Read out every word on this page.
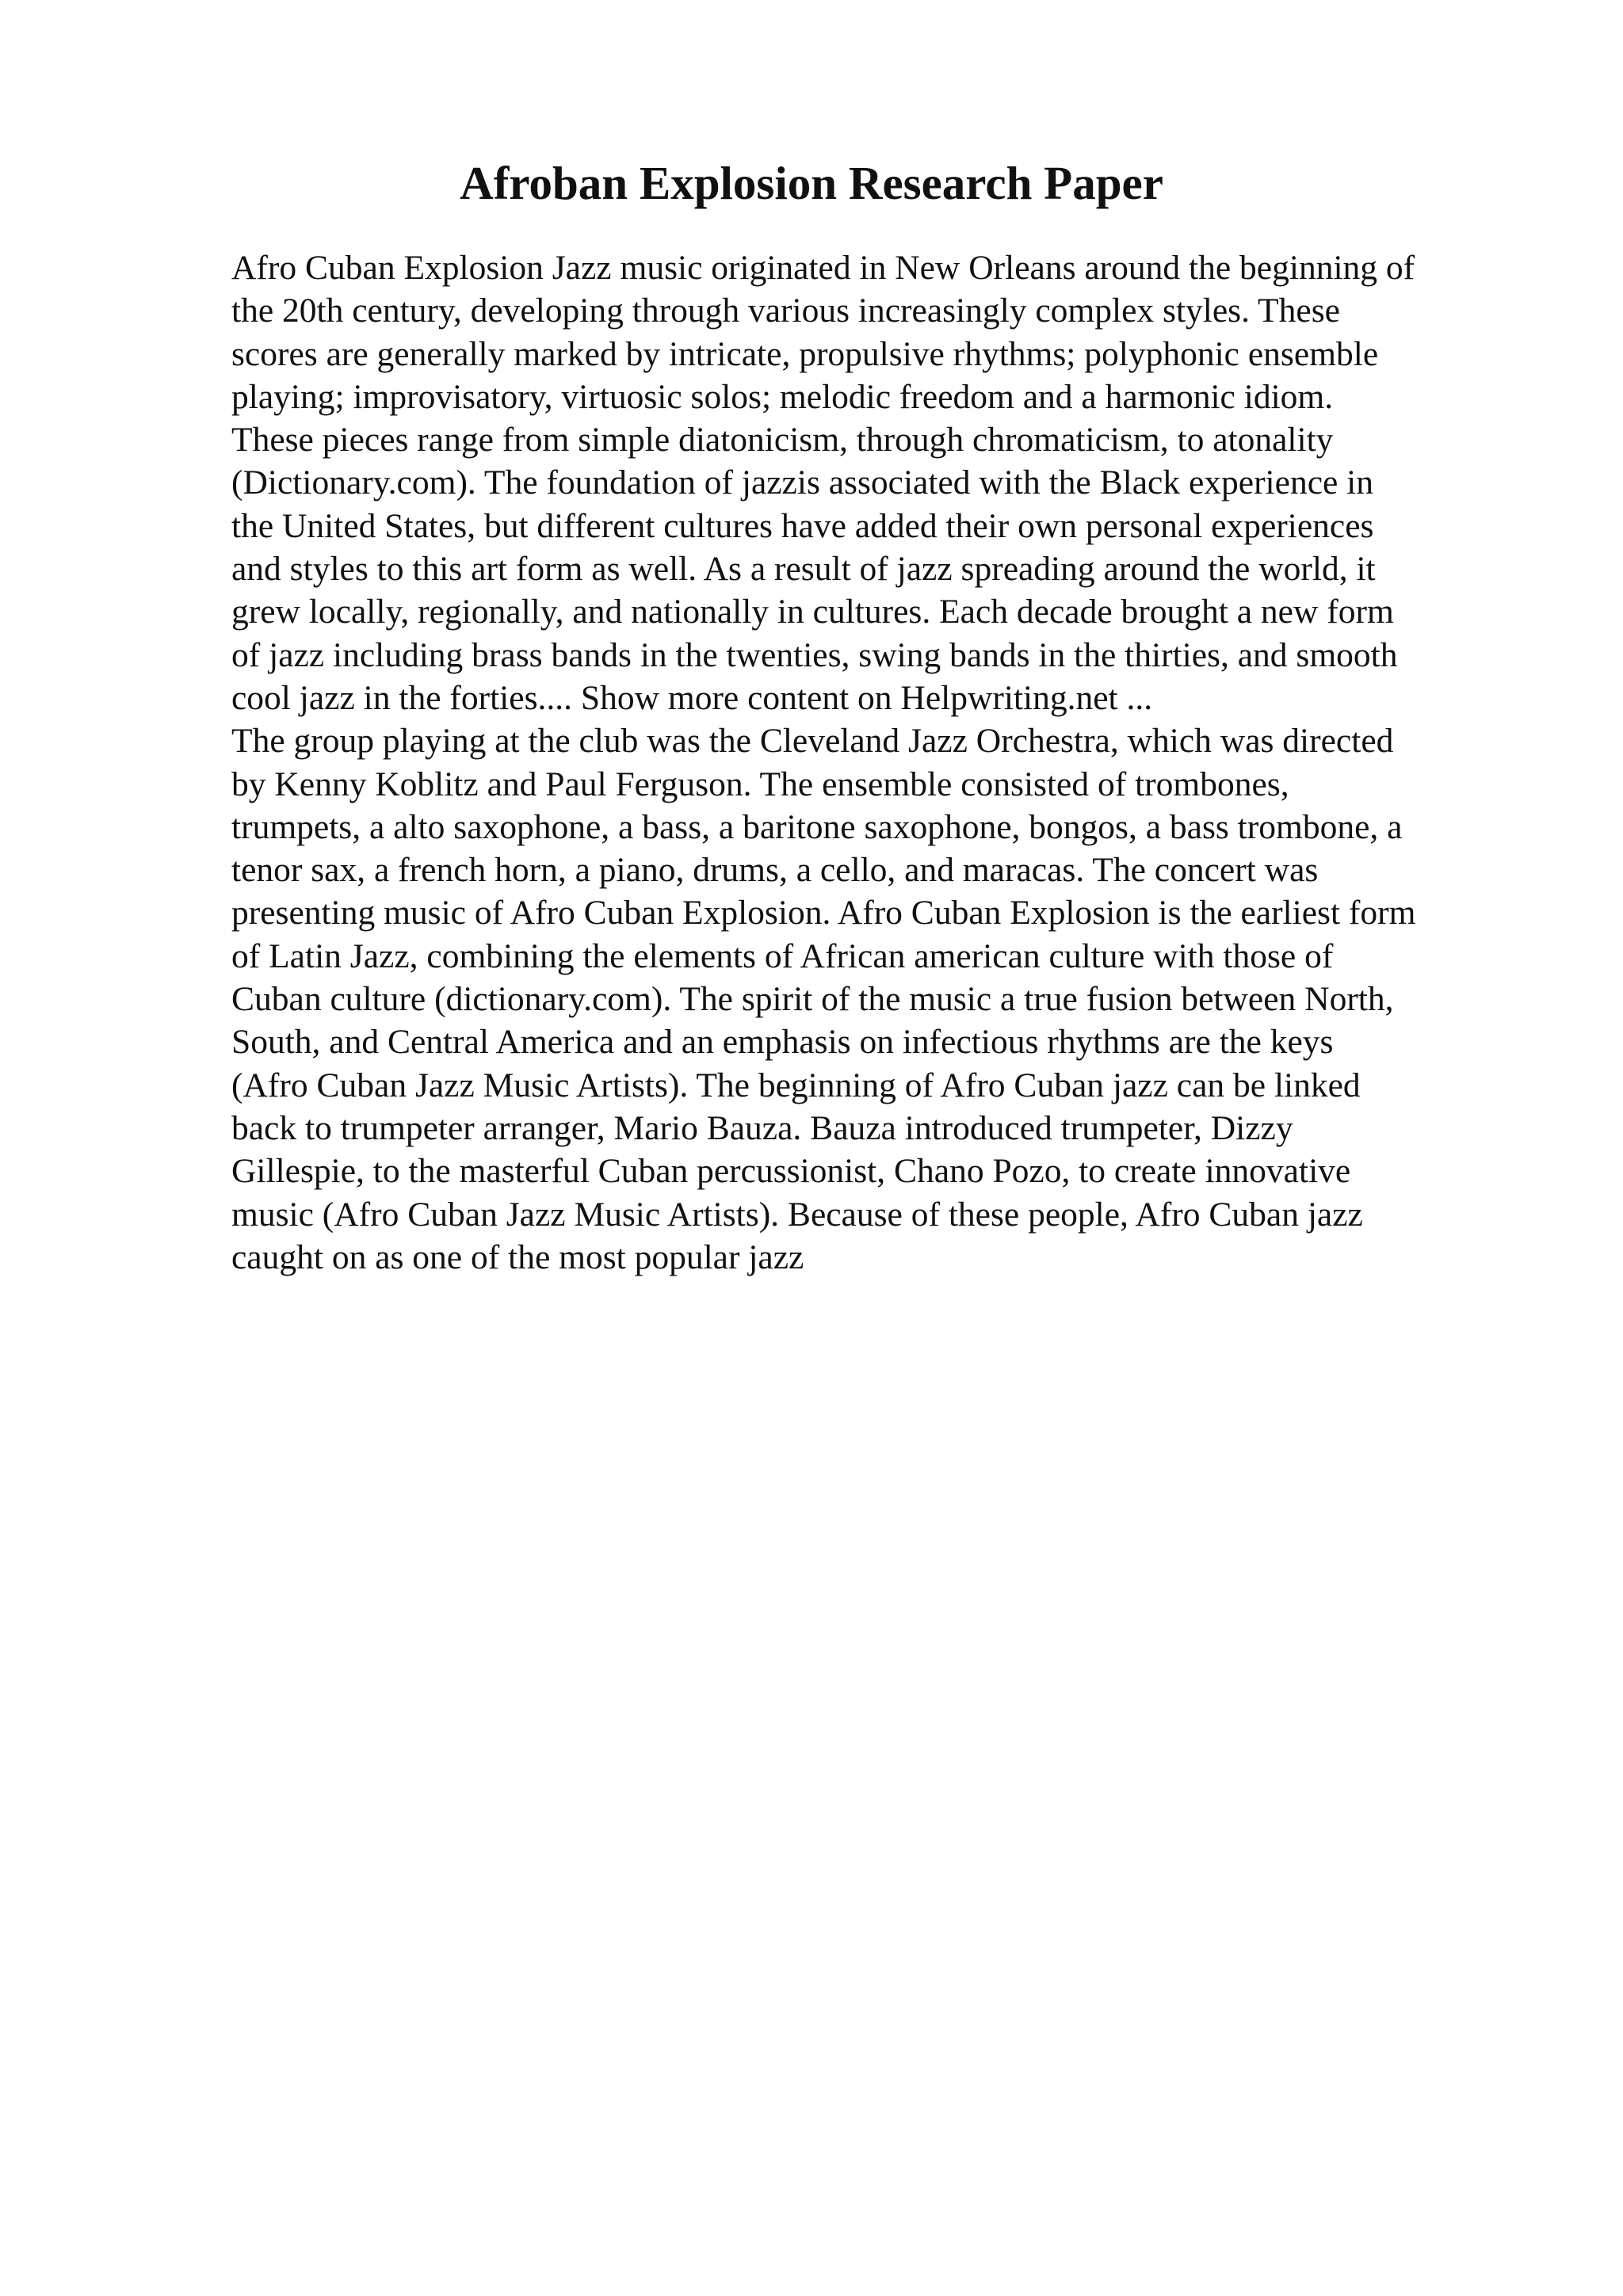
Afroban Explosion Research Paper
Afro Cuban Explosion Jazz music originated in New Orleans around the beginning of
the 20th century, developing through various increasingly complex styles. These
scores are generally marked by intricate, propulsive rhythms; polyphonic ensemble
playing; improvisatory, virtuosic solos; melodic freedom and a harmonic idiom.
These pieces range from simple diatonicism, through chromaticism, to atonality
(Dictionary.com). The foundation of jazzis associated with the Black experience in
the United States, but different cultures have added their own personal experiences
and styles to this art form as well. As a result of jazz spreading around the world, it
grew locally, regionally, and nationally in cultures. Each decade brought a new form
of jazz including brass bands in the twenties, swing bands in the thirties, and smooth
cool jazz in the forties.... Show more content on Helpwriting.net ...
The group playing at the club was the Cleveland Jazz Orchestra, which was directed
by Kenny Koblitz and Paul Ferguson. The ensemble consisted of trombones,
trumpets, a alto saxophone, a bass, a baritone saxophone, bongos, a bass trombone, a
tenor sax, a french horn, a piano, drums, a cello, and maracas. The concert was
presenting music of Afro Cuban Explosion. Afro Cuban Explosion is the earliest form
of Latin Jazz, combining the elements of African american culture with those of
Cuban culture (dictionary.com). The spirit of the music a true fusion between North,
South, and Central America and an emphasis on infectious rhythms are the keys
(Afro Cuban Jazz Music Artists). The beginning of Afro Cuban jazz can be linked
back to trumpeter arranger, Mario Bauza. Bauza introduced trumpeter, Dizzy
Gillespie, to the masterful Cuban percussionist, Chano Pozo, to create innovative
music (Afro Cuban Jazz Music Artists). Because of these people, Afro Cuban jazz
caught on as one of the most popular jazz
